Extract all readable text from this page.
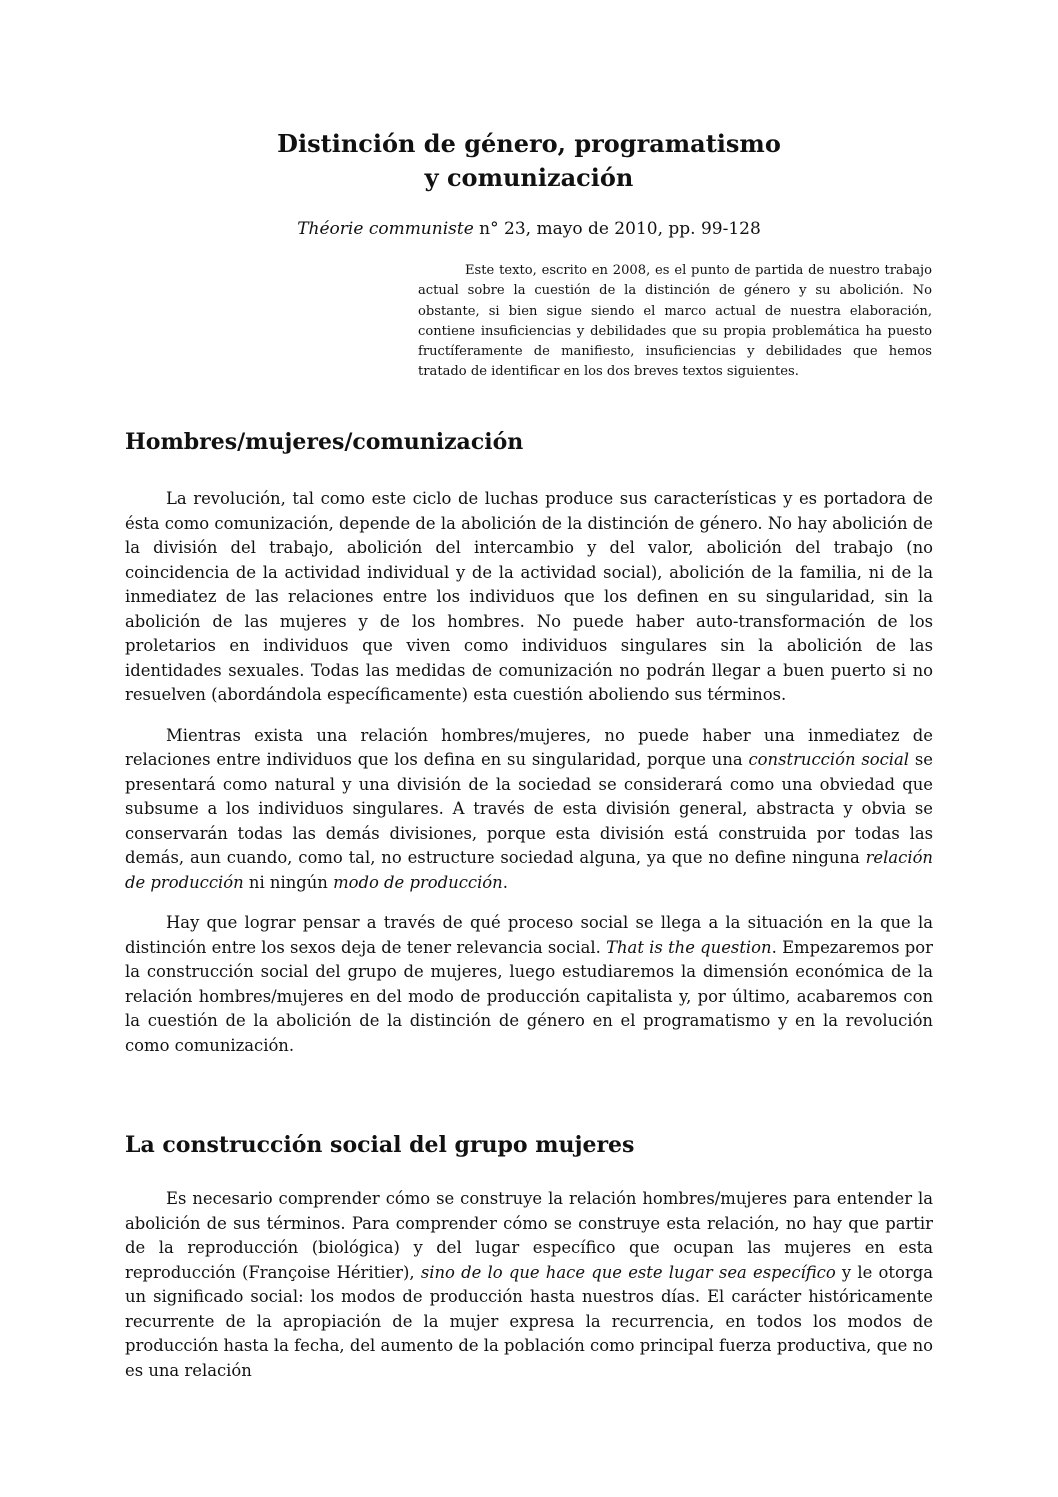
Distinción de género, programatismo
y comunización
Théorie communiste n° 23, mayo de 2010, pp. 99-128

Este texto, escrito en 2008, es el punto de partida de nuestro trabajo actual sobre la cuestión de la distinción de género y su abolición. No obstante, si bien sigue siendo el marco actual de nuestra elaboración, contiene insuficiencias y debilidades que su propia problemática ha puesto fructíferamente de manifiesto, insuficiencias y debilidades que hemos tratado de identificar en los dos breves textos siguientes.

Hombres/mujeres/comunización

La revolución, tal como este ciclo de luchas produce sus características y es portadora de ésta como comunización, depende de la abolición de la distinción de género. No hay abolición de la división del trabajo, abolición del intercambio y del valor, abolición del trabajo (no coincidencia de la actividad individual y de la actividad social), abolición de la familia, ni de la inmediatez de las relaciones entre los individuos que los definen en su singularidad, sin la abolición de las mujeres y de los hombres. No puede haber auto-transformación de los proletarios en individuos que viven como individuos singulares sin la abolición de las identidades sexuales. Todas las medidas de comunización no podrán llegar a buen puerto si no resuelven (abordándola específicamente) esta cuestión aboliendo sus términos.

Mientras exista una relación hombres/mujeres, no puede haber una inmediatez de relaciones entre individuos que los defina en su singularidad, porque una construcción social se presentará como natural y una división de la sociedad se considerará como una obviedad que subsume a los individuos singulares. A través de esta división general, abstracta y obvia se conservarán todas las demás divisiones, porque esta división está construida por todas las demás, aun cuando, como tal, no estructure sociedad alguna, ya que no define ninguna relación de producción ni ningún modo de producción.

Hay que lograr pensar a través de qué proceso social se llega a la situación en la que la distinción entre los sexos deja de tener relevancia social. That is the question. Empezaremos por la construcción social del grupo de mujeres, luego estudiaremos la dimensión económica de la relación hombres/mujeres en del modo de producción capitalista y, por último, acabaremos con la cuestión de la abolición de la distinción de género en el programatismo y en la revolución como comunización.

La construcción social del grupo mujeres

Es necesario comprender cómo se construye la relación hombres/mujeres para entender la abolición de sus términos. Para comprender cómo se construye esta relación, no hay que partir de la reproducción (biológica) y del lugar específico que ocupan las mujeres en esta reproducción (Françoise Héritier), sino de lo que hace que este lugar sea específico y le otorga un significado social: los modos de producción hasta nuestros días. El carácter históricamente recurrente de la apropiación de la mujer expresa la recurrencia, en todos los modos de producción hasta la fecha, del aumento de la población como principal fuerza productiva, que no es una relación
